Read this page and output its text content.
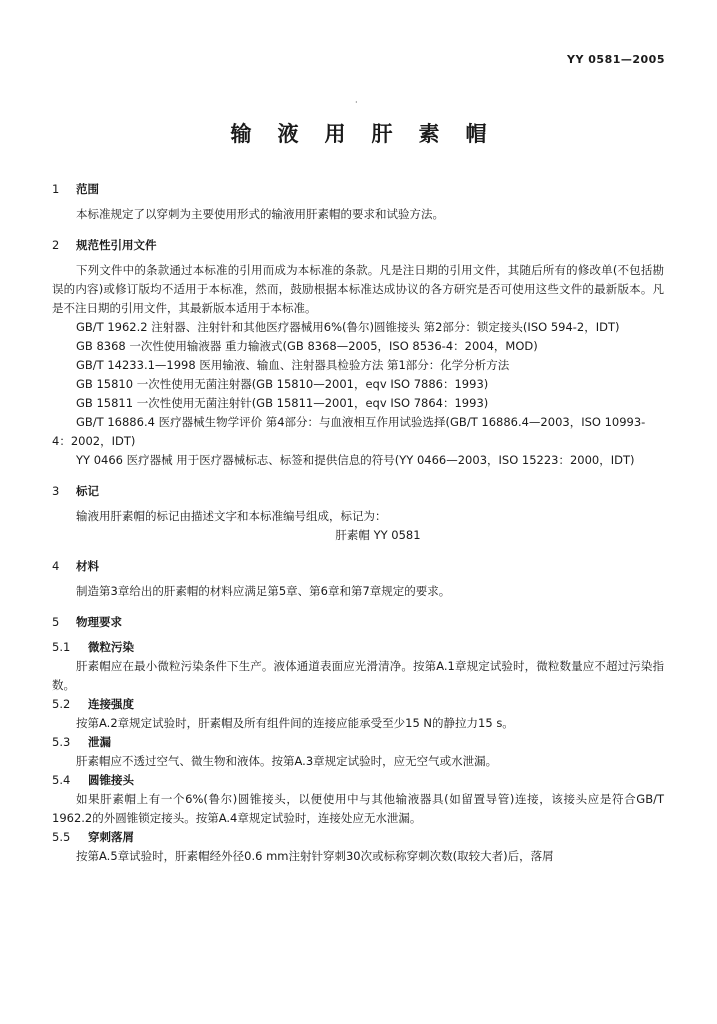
YY 0581—2005
·
输液用肝素帽

1 范围

本标准规定了以穿刺为主要使用形式的输液用肝素帽的要求和试验方法。

2 规范性引用文件

下列文件中的条款通过本标准的引用而成为本标准的条款。凡是注日期的引用文件，其随后所有的修改单(不包括勘误的内容)或修订版均不适用于本标准，然而，鼓励根据本标准达成协议的各方研究是否可使用这些文件的最新版本。凡是不注日期的引用文件，其最新版本适用于本标准。

GB/T 1962.2 注射器、注射针和其他医疗器械用6%(鲁尔)圆锥接头 第2部分：锁定接头(ISO 594-2，IDT)

GB 8368 一次性使用输液器 重力输液式(GB 8368—2005，ISO 8536-4：2004，MOD)

GB/T 14233.1—1998 医用输液、输血、注射器具检验方法 第1部分：化学分析方法

GB 15810 一次性使用无菌注射器(GB 15810—2001，eqv ISO 7886：1993)

GB 15811 一次性使用无菌注射针(GB 15811—2001，eqv ISO 7864：1993)

GB/T 16886.4 医疗器械生物学评价 第4部分：与血液相互作用试验选择(GB/T 16886.4—2003，ISO 10993-4：2002，IDT)

YY 0466 医疗器械 用于医疗器械标志、标签和提供信息的符号(YY 0466—2003，ISO 15223：2000，IDT)

3 标记

输液用肝素帽的标记由描述文字和本标准编号组成，标记为：

肝素帽 YY 0581

4 材料

制造第3章给出的肝素帽的材料应满足第5章、第6章和第7章规定的要求。

5 物理要求

5.1 微粒污染

肝素帽应在最小微粒污染条件下生产。液体通道表面应光滑清净。按第A.1章规定试验时，微粒数量应不超过污染指数。

5.2 连接强度

按第A.2章规定试验时，肝素帽及所有组件间的连接应能承受至少15 N的静拉力15 s。

5.3 泄漏

肝素帽应不透过空气、微生物和液体。按第A.3章规定试验时，应无空气或水泄漏。

5.4 圆锥接头

如果肝素帽上有一个6%(鲁尔)圆锥接头，以便使用中与其他输液器具(如留置导管)连接，该接头应是符合GB/T 1962.2的外圆锥锁定接头。按第A.4章规定试验时，连接处应无水泄漏。

5.5 穿刺落屑

按第A.5章试验时，肝素帽经外径0.6 mm注射针穿刺30次或标称穿刺次数(取较大者)后，落屑
